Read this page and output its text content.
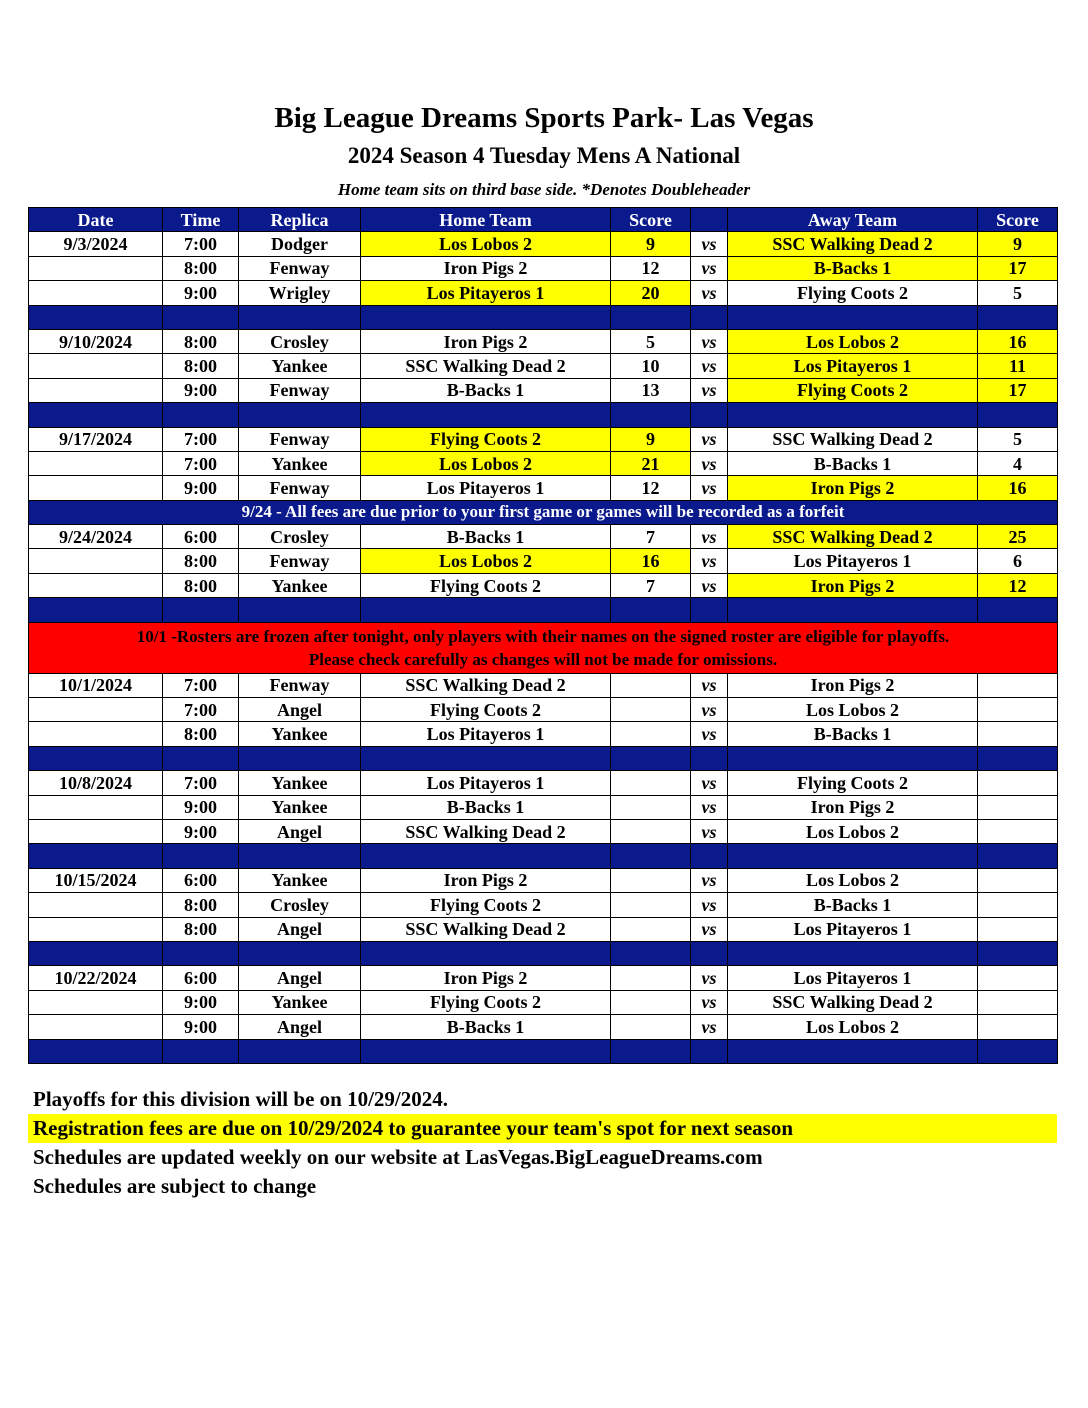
Big League Dreams Sports Park- Las Vegas
2024 Season 4 Tuesday Mens A National
Home team sits on third base side. *Denotes Doubleheader
Date	Time	Replica	Home Team	Score		Away Team	Score
9/3/2024	7:00	Dodger	Los Lobos 2	9	vs	SSC Walking Dead 2	9
	8:00	Fenway	Iron Pigs 2	12	vs	B-Backs 1	17
	9:00	Wrigley	Los Pitayeros 1	20	vs	Flying Coots 2	5

9/10/2024	8:00	Crosley	Iron Pigs 2	5	vs	Los Lobos 2	16
	8:00	Yankee	SSC Walking Dead 2	10	vs	Los Pitayeros 1	11
	9:00	Fenway	B-Backs 1	13	vs	Flying Coots 2	17

9/17/2024	7:00	Fenway	Flying Coots 2	9	vs	SSC Walking Dead 2	5
	7:00	Yankee	Los Lobos 2	21	vs	B-Backs 1	4
	9:00	Fenway	Los Pitayeros 1	12	vs	Iron Pigs 2	16
9/24 - All fees are due prior to your first game or games will be recorded as a forfeit							
9/24/2024	6:00	Crosley	B-Backs 1	7	vs	SSC Walking Dead 2	25
	8:00	Fenway	Los Lobos 2	16	vs	Los Pitayeros 1	6
	8:00	Yankee	Flying Coots 2	7	vs	Iron Pigs 2	12

10/1 -Rosters are frozen after tonight, only players with their names on the signed roster are eligible for playoffs.
Please check carefully as changes will not be made for omissions.							

10/1/2024	7:00	Fenway	SSC Walking Dead 2		vs	Iron Pigs 2	
	7:00	Angel	Flying Coots 2		vs	Los Lobos 2	
	8:00	Yankee	Los Pitayeros 1		vs	B-Backs 1	

10/8/2024	7:00	Yankee	Los Pitayeros 1		vs	Flying Coots 2	
	9:00	Yankee	B-Backs 1		vs	Iron Pigs 2	
	9:00	Angel	SSC Walking Dead 2		vs	Los Lobos 2	

10/15/2024	6:00	Yankee	Iron Pigs 2		vs	Los Lobos 2	
	8:00	Crosley	Flying Coots 2		vs	B-Backs 1	
	8:00	Angel	SSC Walking Dead 2		vs	Los Pitayeros 1	

10/22/2024	6:00	Angel	Iron Pigs 2		vs	Los Pitayeros 1	
	9:00	Yankee	Flying Coots 2		vs	SSC Walking Dead 2	
	9:00	Angel	B-Backs 1		vs	Los Lobos 2	

Playoffs for this division will be on 10/29/2024.
Registration fees are due on 10/29/2024 to guarantee your team's spot for next season
Schedules are updated weekly on our website at LasVegas.BigLeagueDreams.com
Schedules are subject to change
